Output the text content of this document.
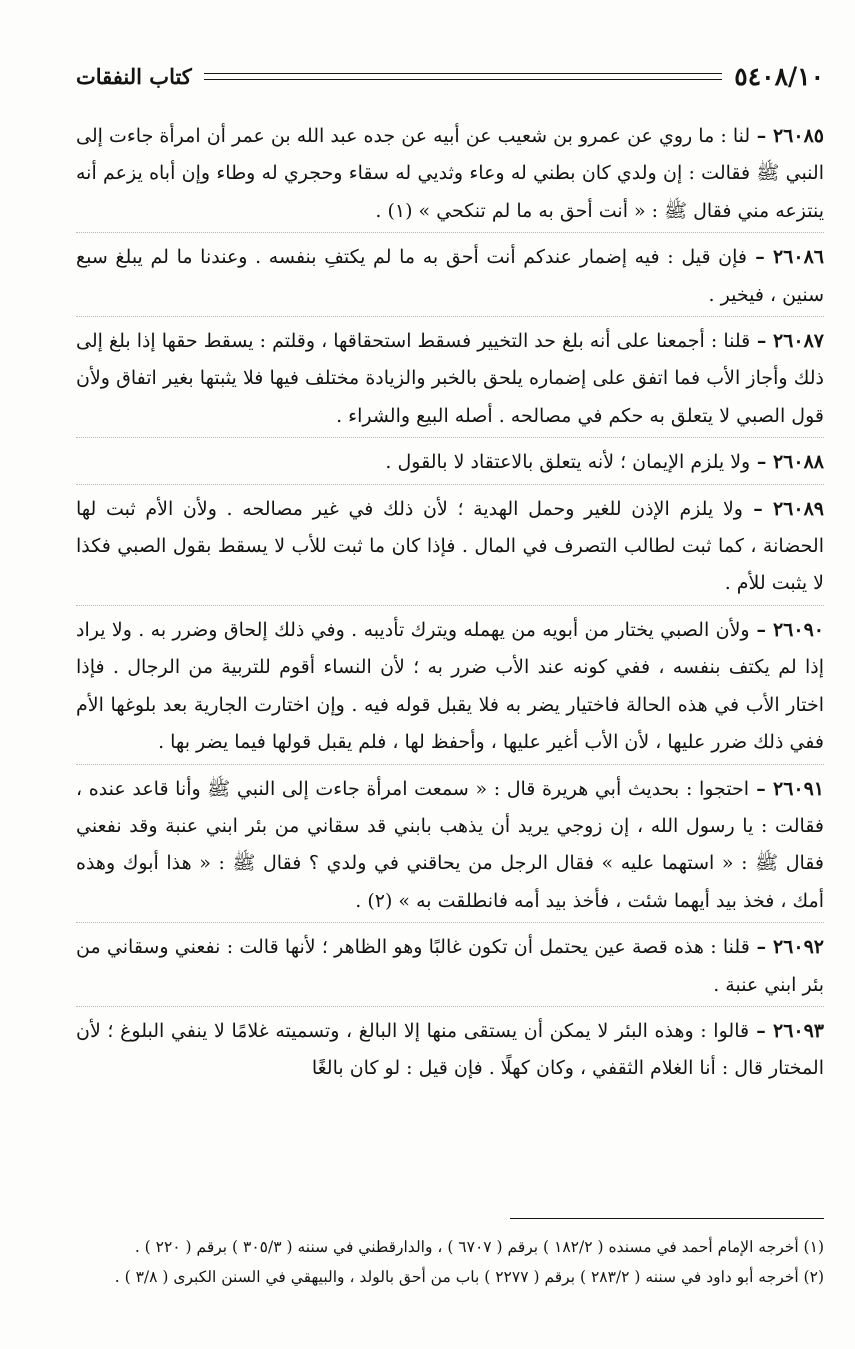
٥٤٠٨/١٠
كتاب النفقات

٢٦٠٨٥ – لنا : ما روي عن عمرو بن شعيب عن أبيه عن جده عبد الله بن عمر أن امرأة جاءت إلى النبي ﷺ فقالت : إن ولدي كان بطني له وعاء وثديي له سقاء وحجري له وطاء وإن أباه يزعم أنه ينتزعه مني فقال ﷺ : « أنت أحق به ما لم تنكحي » (١) .

٢٦٠٨٦ – فإن قيل : فيه إضمار عندكم أنت أحق به ما لم يكتفِ بنفسه . وعندنا ما لم يبلغ سبع سنين ، فيخير .

٢٦٠٨٧ – قلنا : أجمعنا على أنه بلغ حد التخيير فسقط استحقاقها ، وقلتم : يسقط حقها إذا بلغ إلى ذلك وأجاز الأب فما اتفق على إضماره يلحق بالخبر والزيادة مختلف فيها فلا يثبتها بغير اتفاق ولأن قول الصبي لا يتعلق به حكم في مصالحه . أصله البيع والشراء .

٢٦٠٨٨ – ولا يلزم الإيمان ؛ لأنه يتعلق بالاعتقاد لا بالقول .

٢٦٠٨٩ – ولا يلزم الإذن للغير وحمل الهدية ؛ لأن ذلك في غير مصالحه . ولأن الأم ثبت لها الحضانة ، كما ثبت لطالب التصرف في المال . فإذا كان ما ثبت للأب لا يسقط بقول الصبي فكذا لا يثبت للأم .

٢٦٠٩٠ – ولأن الصبي يختار من أبويه من يهمله ويترك تأديبه . وفي ذلك إلحاق وضرر به . ولا يراد إذا لم يكتف بنفسه ، ففي كونه عند الأب ضرر به ؛ لأن النساء أقوم للتربية من الرجال . فإذا اختار الأب في هذه الحالة فاختيار يضر به فلا يقبل قوله فيه . وإن اختارت الجارية بعد بلوغها الأم ففي ذلك ضرر عليها ، لأن الأب أغير عليها ، وأحفظ لها ، فلم يقبل قولها فيما يضر بها .

٢٦٠٩١ – احتجوا : بحديث أبي هريرة قال : « سمعت امرأة جاءت إلى النبي ﷺ وأنا قاعد عنده ، فقالت : يا رسول الله ، إن زوجي يريد أن يذهب بابني قد سقاني من بئر ابني عنبة وقد نفعني فقال ﷺ : « استهما عليه » فقال الرجل من يحاقني في ولدي ؟ فقال ﷺ : « هذا أبوك وهذه أمك ، فخذ بيد أيهما شئت ، فأخذ بيد أمه فانطلقت به » (٢) .

٢٦٠٩٢ – قلنا : هذه قصة عين يحتمل أن تكون غالبًا وهو الظاهر ؛ لأنها قالت : نفعني وسقاني من بئر ابني عنبة .

٢٦٠٩٣ – قالوا : وهذه البئر لا يمكن أن يستقى منها إلا البالغ ، وتسميته غلامًا لا ينفي البلوغ ؛ لأن المختار قال : أنا الغلام الثقفي ، وكان كهلًا . فإن قيل : لو كان بالغًا

(١) أخرجه الإمام أحمد في مسنده ( ١٨٢/٢ ) برقم ( ٦٧٠٧ ) ، والدارقطني في سننه ( ٣٠٥/٣ ) برقم ( ٢٢٠ ) .

(٢) أخرجه أبو داود في سننه ( ٢٨٣/٢ ) برقم ( ٢٢٧٧ ) باب من أحق بالولد ، والبيهقي في السنن الكبرى ( ٣/٨ ) .
